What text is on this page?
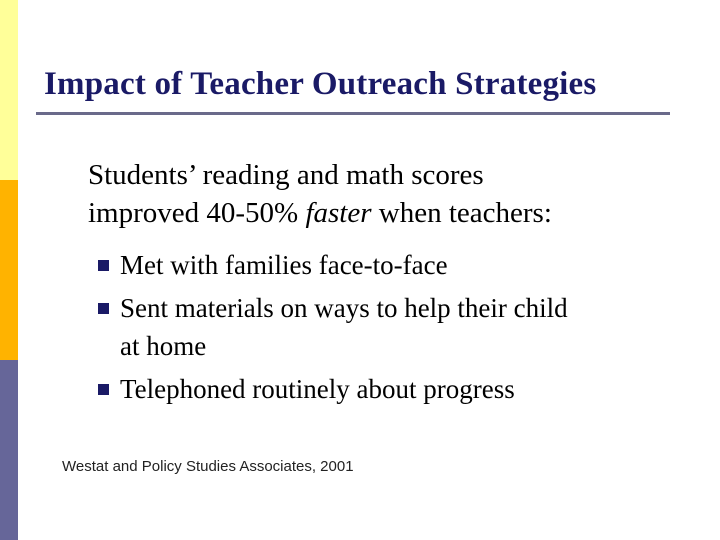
Impact of Teacher Outreach Strategies
Students’ reading and math scores
improved 40-50% faster when teachers:
Met with families face-to-face
Sent materials on ways to help their child
at home
Telephoned routinely about progress
Westat and Policy Studies Associates, 2001
